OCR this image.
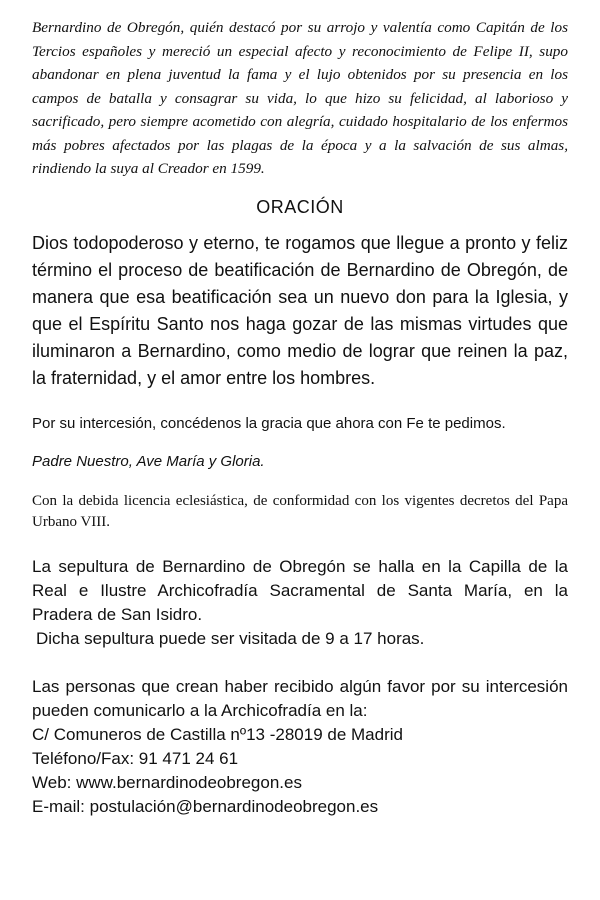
Bernardino de Obregón, quién destacó por su arrojo y valentía como Capitán de los Tercios españoles y mereció un especial afecto y reconocimiento de Felipe II, supo abandonar en plena juventud la fama y el lujo obtenidos por su presencia en los campos de batalla y consagrar su vida, lo que hizo su felicidad, al laborioso y sacrificado, pero siempre acometido con alegría, cuidado hospitalario de los enfermos más pobres afectados por las plagas de la época y a la salvación de sus almas, rindiendo la suya al Creador en 1599.

ORACIÓN

Dios todopoderoso y eterno, te rogamos que llegue a pronto y feliz término el proceso de beatificación de Bernardino de Obregón, de manera que esa beatificación sea un nuevo don para la Iglesia, y que el Espíritu Santo nos haga gozar de las mismas virtudes que iluminaron a Bernardino, como medio de lograr que reinen la paz, la fraternidad, y el amor entre los hombres.

Por su intercesión, concédenos la gracia que ahora con Fe te pedimos.

Padre Nuestro, Ave María y Gloria.

Con la debida licencia eclesiástica, de conformidad con los vigentes decretos del Papa Urbano VIII.

La sepultura de Bernardino de Obregón se halla en la Capilla de la Real e Ilustre Archicofradía Sacramental de Santa María, en la Pradera de San Isidro.

Dicha sepultura puede ser visitada de 9 a 17 horas.

Las personas que crean haber recibido algún favor por su intercesión pueden comunicarlo a la Archicofradía en la:

C/ Comuneros de Castilla nº13 -28019 de Madrid
Teléfono/Fax: 91 471 24 61
Web: www.bernardinodeobregon.es
E-mail: postulación@bernardinodeobregon.es
